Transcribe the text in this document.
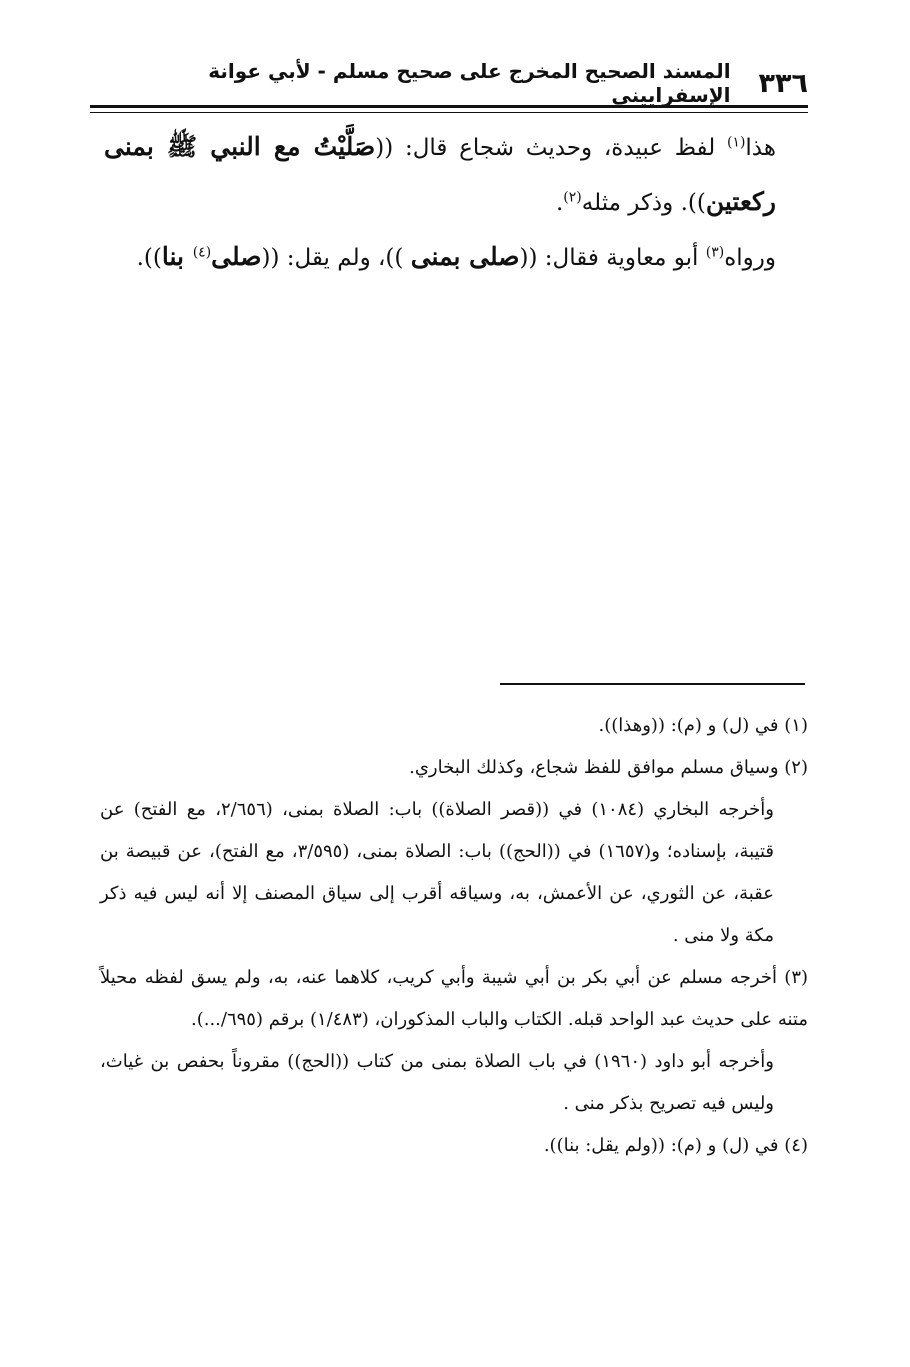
٣٣٦
المسند الصحيح المخرج على صحيح مسلم - لأبي عوانة الإسفراييني

هذا$^{(١)}$ لفظ عبيدة، وحديث شجاع قال: ((صَلَّيْتُ مع النبي ﷺ بمنى ركعتين)). وذكر مثله$^{(٢)}$.

ورواه$^{(٣)}$ أبو معاوية فقال: ((صلى بمنى ))، ولم يقل: ((صلى$^{(٤)}$ بنا)).

(١) في (ل) و (م): ((وهذا)).

(٢) وسياق مسلم موافق للفظ شجاع، وكذلك البخاري.

وأخرجه البخاري (١٠٨٤) في ((قصر الصلاة)) باب: الصلاة بمنى، (٢/٦٥٦، مع الفتح) عن قتيبة، بإسناده؛ و(١٦٥٧) في ((الحج)) باب: الصلاة بمنى، (٣/٥٩٥، مع الفتح)، عن قبيصة بن عقبة، عن الثوري، عن الأعمش، به، وسياقه أقرب إلى سياق المصنف إلا أنه ليس فيه ذكر مكة ولا منى .

(٣) أخرجه مسلم عن أبي بكر بن أبي شيبة وأبي كريب، كلاهما عنه، به، ولم يسق لفظه محيلاً متنه على حديث عبد الواحد قبله. الكتاب والباب المذكوران، (١/٤٨٣) برقم (٦٩٥/...).

وأخرجه أبو داود (١٩٦٠) في باب الصلاة بمنى من كتاب ((الحج)) مقروناً بحفص بن غياث، وليس فيه تصريح بذكر منى .

(٤) في (ل) و (م): ((ولم يقل: بنا)).
